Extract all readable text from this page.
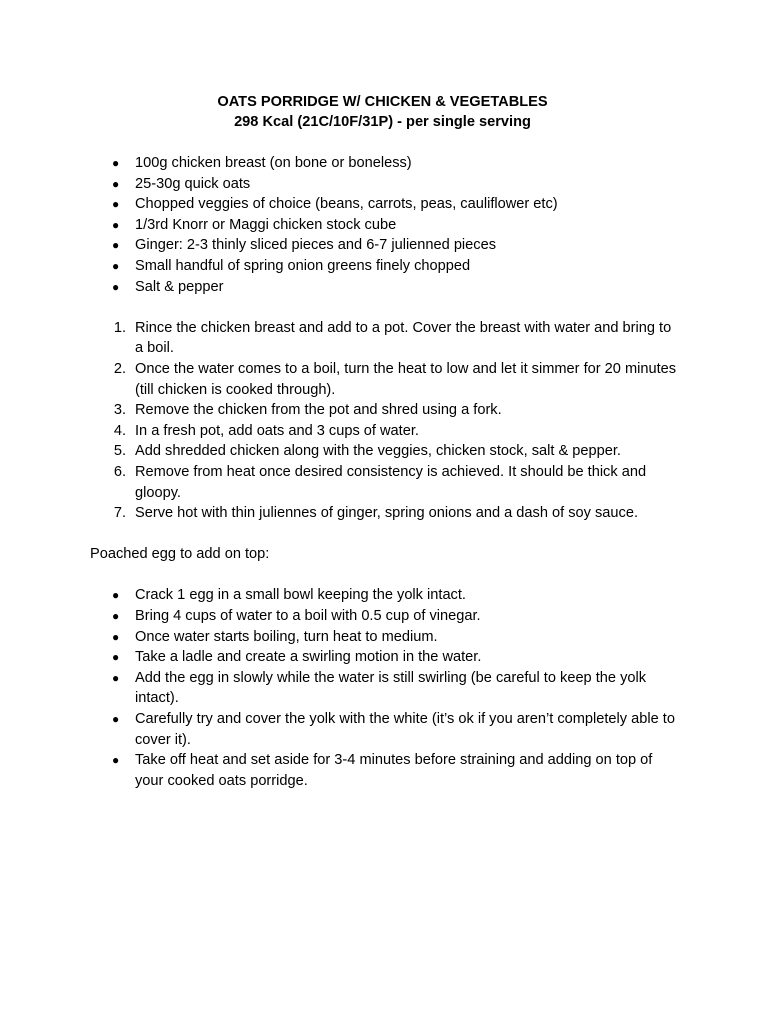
OATS PORRIDGE W/ CHICKEN & VEGETABLES

298 Kcal (21C/10F/31P) - per single serving

●	100g chicken breast (on bone or boneless)
●	25-30g quick oats
●	Chopped veggies of choice (beans, carrots, peas, cauliflower etc)
●	1/3rd Knorr or Maggi chicken stock cube
●	Ginger: 2-3 thinly sliced pieces and 6-7 julienned pieces
●	Small handful of spring onion greens finely chopped
●	Salt & pepper
1. Rince the chicken breast and add to a pot. Cover the breast with water and bring to a boil.
2. Once the water comes to a boil, turn the heat to low and let it simmer for 20 minutes (till chicken is cooked through).
3. Remove the chicken from the pot and shred using a fork.
4. In a fresh pot, add oats and 3 cups of water.
5. Add shredded chicken along with the veggies, chicken stock, salt & pepper.
6. Remove from heat once desired consistency is achieved. It should be thick and gloopy.
7. Serve hot with thin juliennes of ginger, spring onions and a dash of soy sauce.

Poached egg to add on top:

●	Crack 1 egg in a small bowl keeping the yolk intact.
●	Bring 4 cups of water to a boil with 0.5 cup of vinegar.
●	Once water starts boiling, turn heat to medium.
●	Take a ladle and create a swirling motion in the water.
●	Add the egg in slowly while the water is still swirling (be careful to keep the yolk intact).
●	Carefully try and cover the yolk with the white (it’s ok if you aren’t completely able to cover it).
●	Take off heat and set aside for 3-4 minutes before straining and adding on top of your cooked oats porridge.
